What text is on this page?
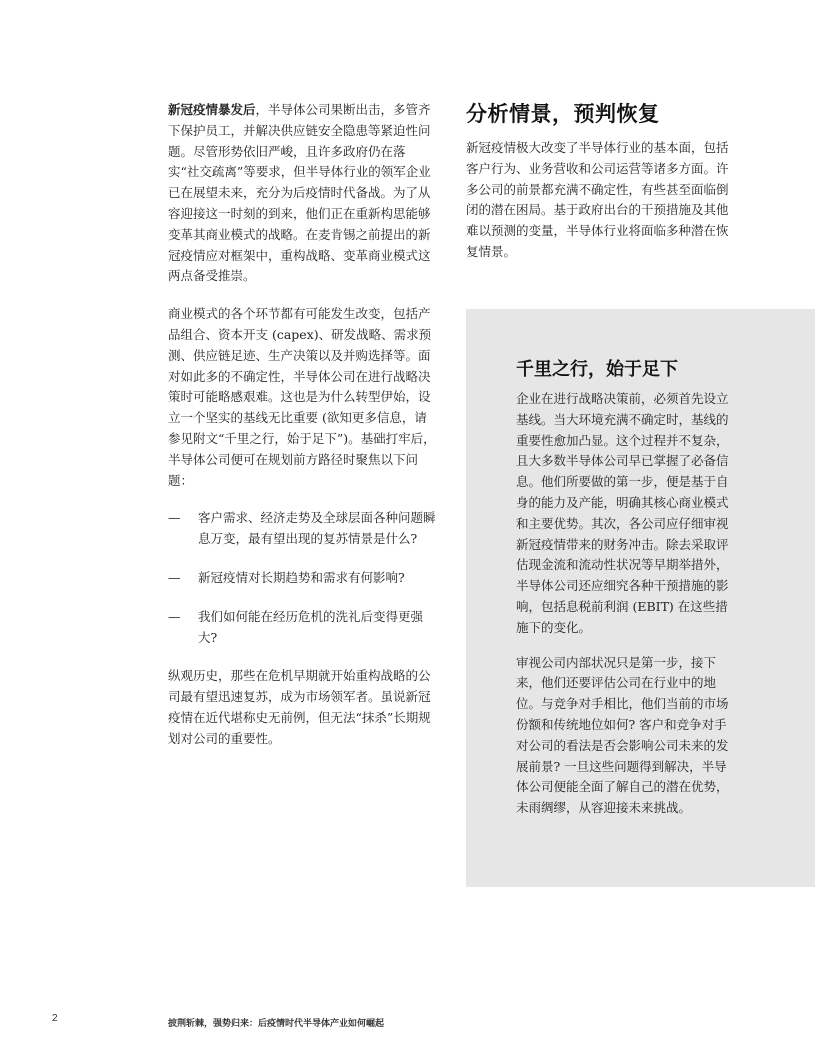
新冠疫情暴发后，半导体公司果断出击，多管齐下保护员工，并解决供应链安全隐患等紧迫性问题。尽管形势依旧严峻，且许多政府仍在落实“社交疏离”等要求，但半导体行业的领军企业已在展望未来，充分为后疫情时代备战。为了从容迎接这一时刻的到来，他们正在重新构思能够变革其商业模式的战略。在麦肯锡之前提出的新冠疫情应对框架中，重构战略、变革商业模式这两点备受推崇。

商业模式的各个环节都有可能发生改变，包括产品组合、资本开支 (capex)、研发战略、需求预测、供应链足迹、生产决策以及并购选择等。面对如此多的不确定性，半导体公司在进行战略决策时可能略感艰难。这也是为什么转型伊始，设立一个坚实的基线无比重要 (欲知更多信息，请参见附文“千里之行，始于足下”)。基础打牢后，半导体公司便可在规划前方路径时聚焦以下问题：

— 客户需求、经济走势及全球层面各种问题瞬息万变，最有望出现的复苏情景是什么?
— 新冠疫情对长期趋势和需求有何影响?
— 我们如何能在经历危机的洗礼后变得更强大?

纵观历史，那些在危机早期就开始重构战略的公司最有望迅速复苏，成为市场领军者。虽说新冠疫情在近代堪称史无前例，但无法“抹杀”长期规划对公司的重要性。

分析情景，预判恢复

新冠疫情极大改变了半导体行业的基本面，包括客户行为、业务营收和公司运营等诸多方面。许多公司的前景都充满不确定性，有些甚至面临倒闭的潜在困局。基于政府出台的干预措施及其他难以预测的变量，半导体行业将面临多种潜在恢复情景。

千里之行，始于足下

企业在进行战略决策前，必须首先设立基线。当大环境充满不确定时，基线的重要性愈加凸显。这个过程并不复杂，且大多数半导体公司早已掌握了必备信息。他们所要做的第一步，便是基于自身的能力及产能，明确其核心商业模式和主要优势。其次，各公司应仔细审视新冠疫情带来的财务冲击。除去采取评估现金流和流动性状况等早期举措外，半导体公司还应细究各种干预措施的影响，包括息税前利润 (EBIT) 在这些措施下的变化。

审视公司内部状况只是第一步，接下来，他们还要评估公司在行业中的地位。与竞争对手相比，他们当前的市场份额和传统地位如何? 客户和竞争对手对公司的看法是否会影响公司未来的发展前景? 一旦这些问题得到解决，半导体公司便能全面了解自己的潜在优势，未雨绸缪，从容迎接未来挑战。

2	披荆斩棘，强势归来：后疫情时代半导体产业如何崛起
